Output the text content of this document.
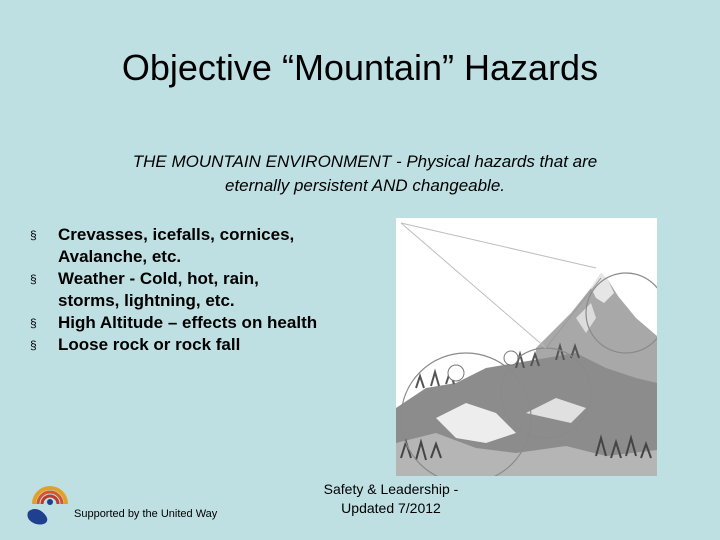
Objective “Mountain” Hazards
THE MOUNTAIN ENVIRONMENT - Physical hazards that are
eternally persistent AND changeable.
§ Crevasses, icefalls, cornices,
Avalanche, etc.
§ Weather - Cold, hot, rain,
storms, lightning, etc.
§ High Altitude – effects on health
§ Loose rock or rock fall
Supported by the United Way
Safety & Leadership -
Updated 7/2012
